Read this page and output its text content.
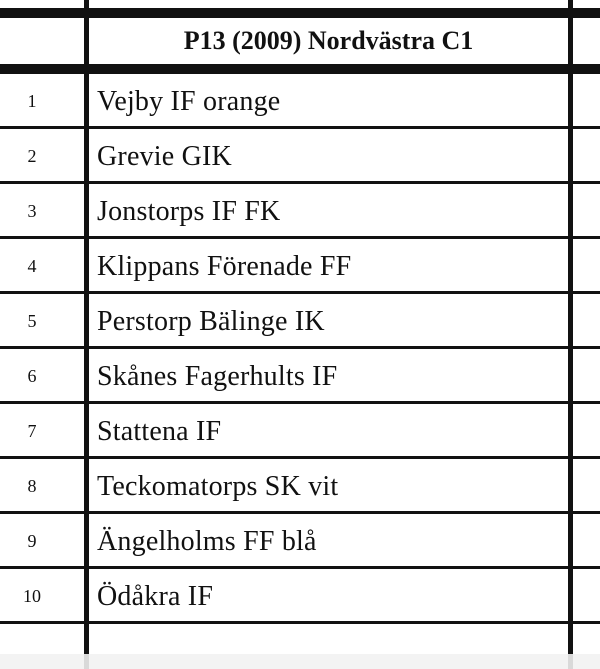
P13 (2009) Nordvästra C1
1	Vejby IF orange
2	Grevie GIK
3	Jonstorps IF FK
4	Klippans Förenade FF
5	Perstorp Bälinge IK
6	Skånes Fagerhults IF
7	Stattena IF
8	Teckomatorps SK vit
9	Ängelholms FF blå
10	Ödåkra IF
